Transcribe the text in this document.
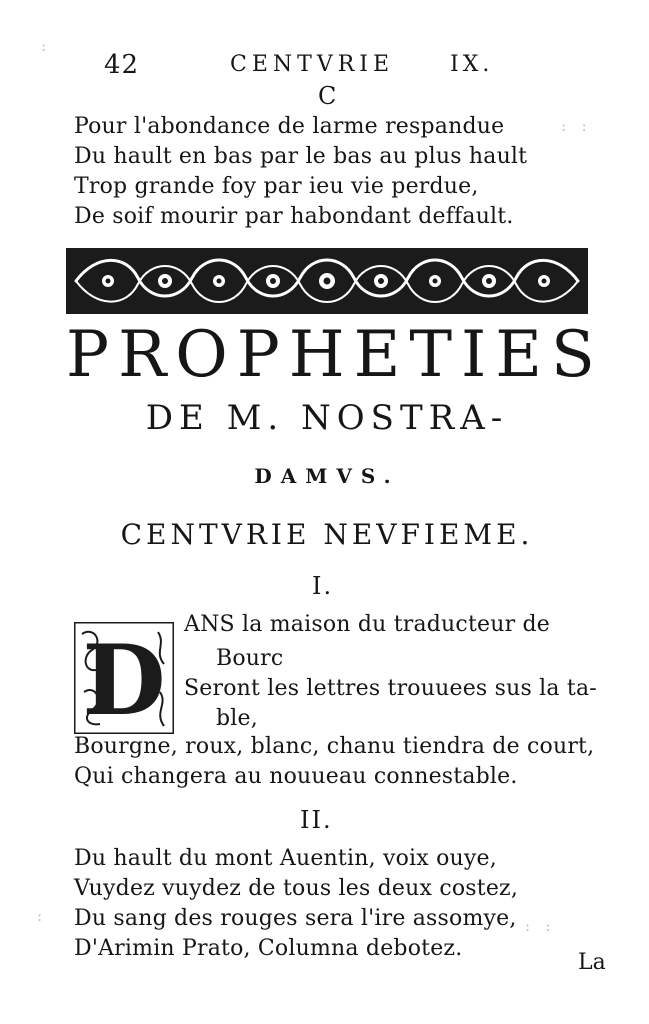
42	CENTVRIE	IX.
C
Pour l'abondance de larme respandue
Du hault en bas par le bas au plus hault
Trop grande foy par ieu vie perdue,
De soif mourir par habondant deffault.
PROPHETIES
DE M. NOSTRA-
DAMVS.
CENTVRIE NEVFIEME.
I.
D ANS la maison du traducteur de
Bourc
Seront les lettres trouuees sus la ta-
ble,
Bourgne, roux, blanc, chanu tiendra de court,
Qui changera au nouueau connestable.
II.
Du hault du mont Auentin, voix ouye,
Vuydez vuydez de tous les deux costez,
Du sang des rouges sera l'ire assomye,
D'Arimin Prato, Columna debotez.
La
:
: :
:
: :
